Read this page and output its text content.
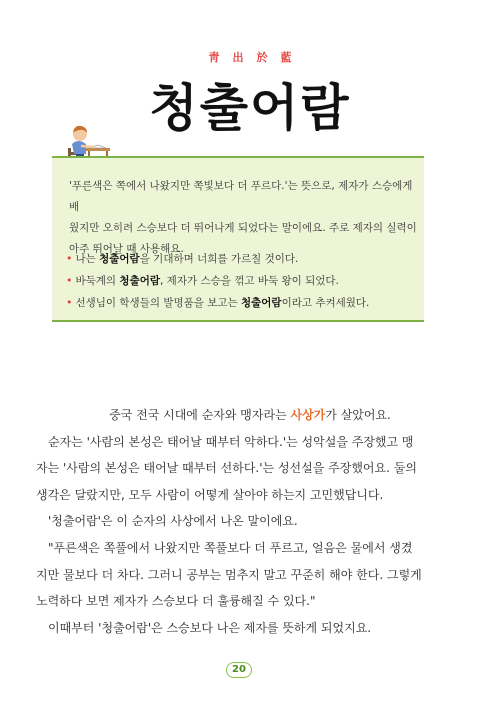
靑出於藍
청출어람
'푸른색은 쪽에서 나왔지만 쪽빛보다 더 푸르다.'는 뜻으로, 제자가 스승에게 배
웠지만 오히려 스승보다 더 뛰어나게 되었다는 말이에요. 주로 제자의 실력이
아주 뛰어날 때 사용해요.
• 나는 청출어람을 기대하며 너희를 가르칠 것이다.
• 바둑계의 청출어람, 제자가 스승을 꺾고 바둑 왕이 되었다.
• 선생님이 학생들의 발명품을 보고는 청출어람이라고 추켜세웠다.

중국 전국 시대에 순자와 맹자라는 사상가가 살았어요.

순자는 '사람의 본성은 태어날 때부터 악하다.'는 성악설을 주장했고 맹

자는 '사람의 본성은 태어날 때부터 선하다.'는 성선설을 주장했어요. 둘의

생각은 달랐지만, 모두 사람이 어떻게 살아야 하는지 고민했답니다.

'청출어람'은 이 순자의 사상에서 나온 말이에요.

"푸른색은 쪽풀에서 나왔지만 쪽풀보다 더 푸르고, 얼음은 물에서 생겼

지만 물보다 더 차다. 그러니 공부는 멈추지 말고 꾸준히 해야 한다. 그렇게

노력하다 보면 제자가 스승보다 더 훌륭해질 수 있다."

이때부터 '청출어람'은 스승보다 나은 제자를 뜻하게 되었지요.

20
